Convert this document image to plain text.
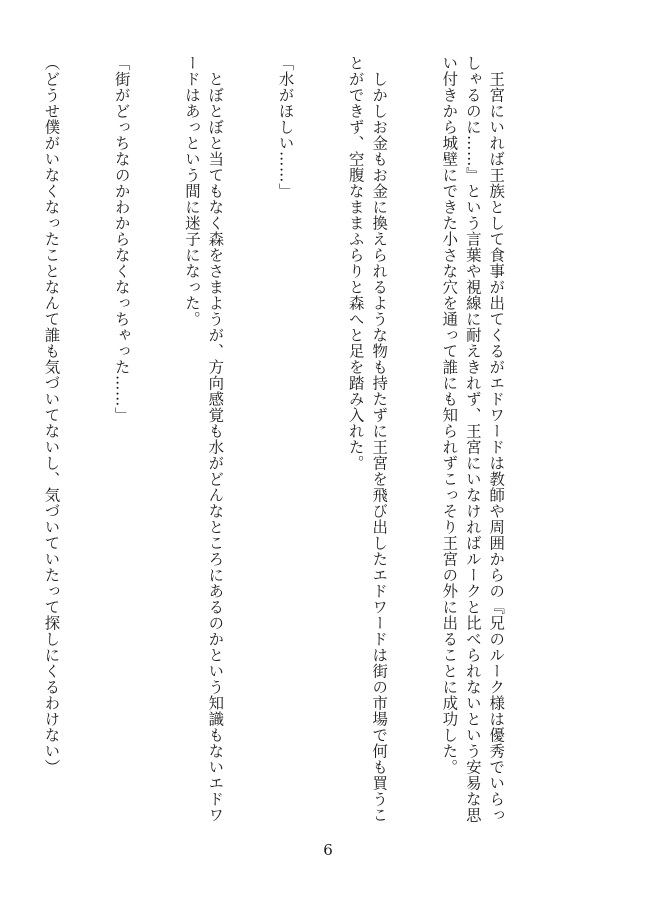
　王宮にいれば王族として食事が出てくるがエドワードは教師や周囲からの『兄のルーク様は優秀でいらっしゃるのに……』という言葉や視線に耐えきれず、王宮にいなければルークと比べられないという安易な思い付きから城壁にできた小さな穴を通って誰にも知られずこっそり王宮の外に出ることに成功した。

　しかしお金もお金に換えられるような物も持たずに王宮を飛び出したエドワードは街の市場で何も買うことができず、空腹なままふらりと森へと足を踏み入れた。

「水がほしい……」

　とぼとぼと当てもなく森をさまようが、方向感覚も水がどんなところにあるのかという知識もないエドワードはあっという間に迷子になった。

「街がどっちなのかわからなくなっちゃった……」

（どうせ僕がいなくなったことなんて誰も気づいてないし、気づいていたって探しにくるわけない）

6
